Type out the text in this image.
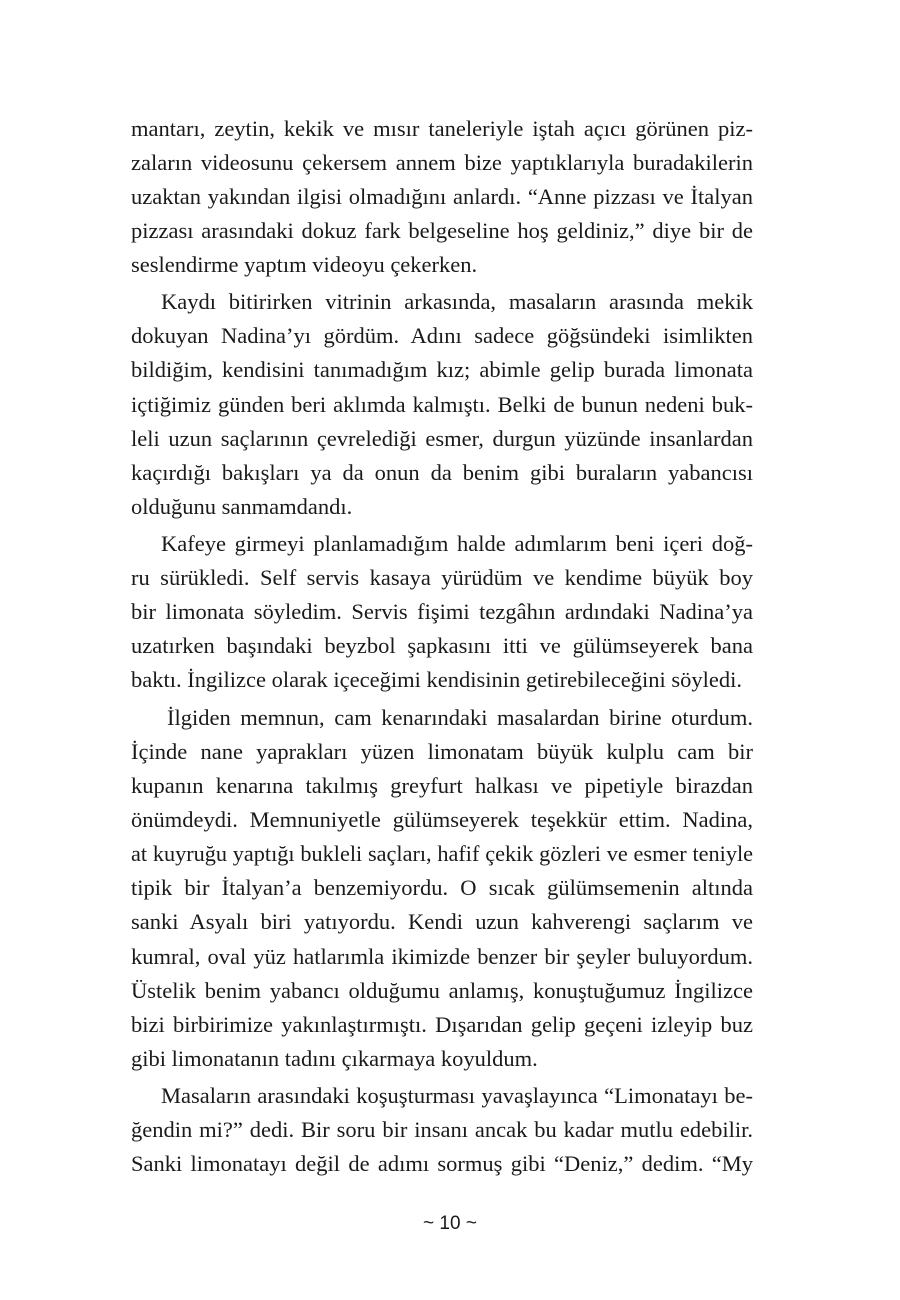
mantarı, zeytin, kekik ve mısır taneleriyle iştah açıcı görünen piz-
zaların videosunu çekersem annem bize yaptıklarıyla buradakilerin
uzaktan yakından ilgisi olmadığını anlardı. “Anne pizzası ve İtalyan
pizzası arasındaki dokuz fark belgeseline hoş geldiniz,” diye bir de
seslendirme yaptım videoyu çekerken.
Kaydı bitirirken vitrinin arkasında, masaların arasında mekik
dokuyan Nadina’yı gördüm. Adını sadece göğsündeki isimlikten
bildiğim, kendisini tanımadığım kız; abimle gelip burada limonata
içtiğimiz günden beri aklımda kalmıştı. Belki de bunun nedeni buk-
leli uzun saçlarının çevrelediği esmer, durgun yüzünde insanlardan
kaçırdığı bakışları ya da onun da benim gibi buraların yabancısı
olduğunu sanmamdandı.
Kafeye girmeyi planlamadığım halde adımlarım beni içeri doğ-
ru sürükledi. Self servis kasaya yürüdüm ve kendime büyük boy
bir limonata söyledim. Servis fişimi tezgâhın ardındaki Nadina’ya
uzatırken başındaki beyzbol şapkasını itti ve gülümseyerek bana
baktı. İngilizce olarak içeceğimi kendisinin getirebileceğini söyledi.
İlgiden memnun, cam kenarındaki masalardan birine oturdum.
İçinde nane yaprakları yüzen limonatam büyük kulplu cam bir
kupanın kenarına takılmış greyfurt halkası ve pipetiyle birazdan
önümdeydi. Memnuniyetle gülümseyerek teşekkür ettim. Nadina,
at kuyruğu yaptığı bukleli saçları, hafif çekik gözleri ve esmer teniyle
tipik bir İtalyan’a benzemiyordu. O sıcak gülümsemenin altında
sanki Asyalı biri yatıyordu. Kendi uzun kahverengi saçlarım ve
kumral, oval yüz hatlarımla ikimizde benzer bir şeyler buluyordum.
Üstelik benim yabancı olduğumu anlamış, konuştuğumuz İngilizce
bizi birbirimize yakınlaştırmıştı. Dışarıdan gelip geçeni izleyip buz
gibi limonatanın tadını çıkarmaya koyuldum.
Masaların arasındaki koşuşturması yavaşlayınca “Limonatayı be-
ğendin mi?” dedi. Bir soru bir insanı ancak bu kadar mutlu edebilir.
Sanki limonatayı değil de adımı sormuş gibi “Deniz,” dedim. “My
~ 10 ~
